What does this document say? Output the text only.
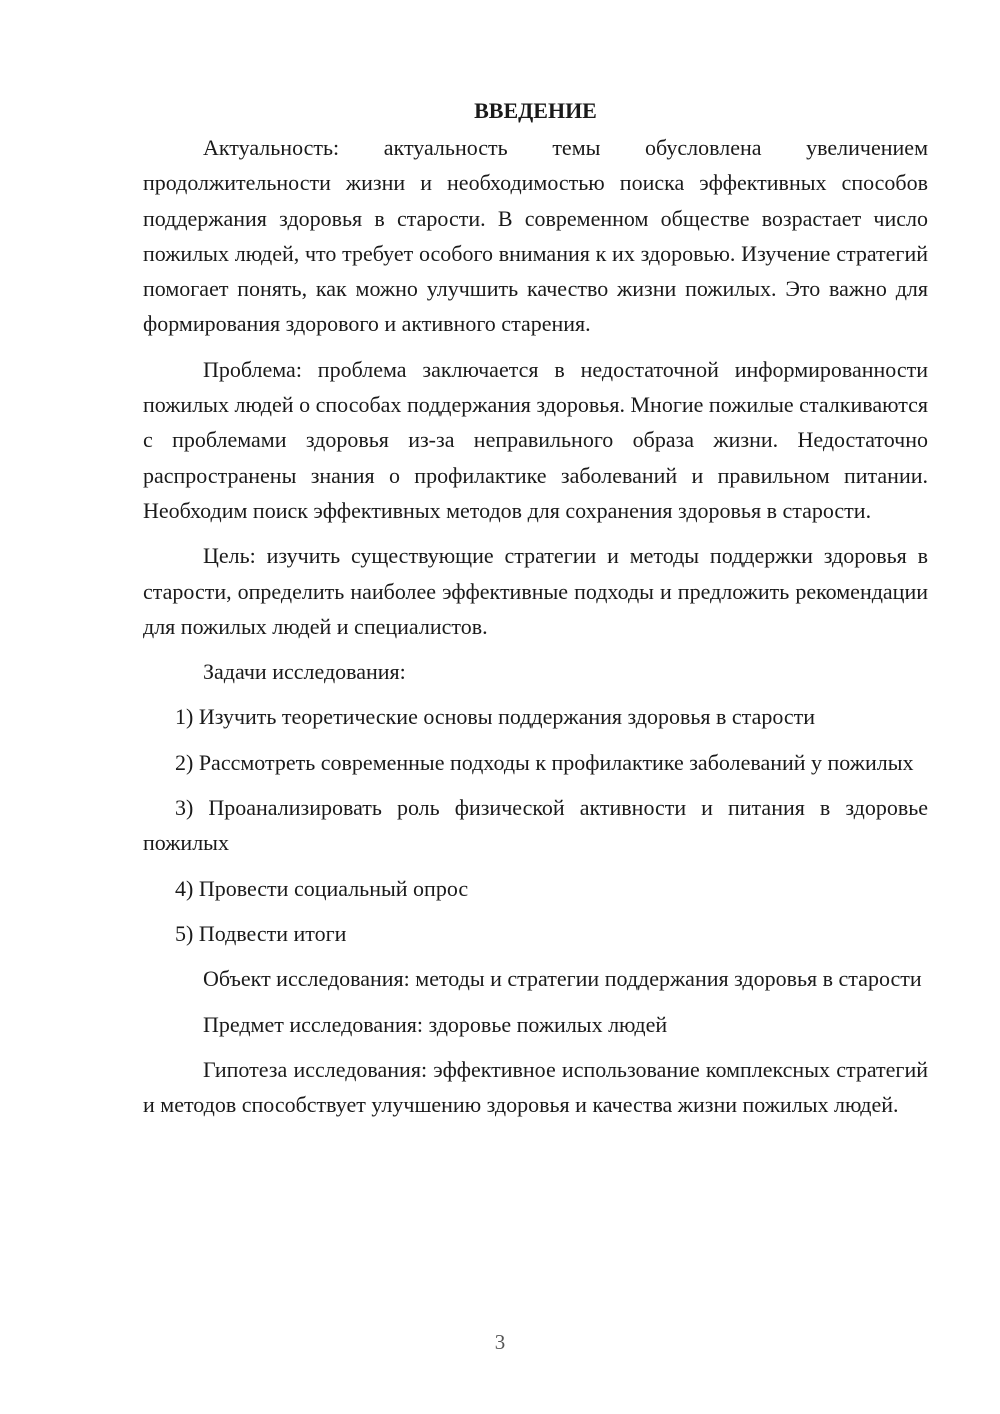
ВВЕДЕНИЕ

Актуальность: актуальность темы обусловлена увеличением продолжительности жизни и необходимостью поиска эффективных способов поддержания здоровья в старости. В современном обществе возрастает число пожилых людей, что требует особого внимания к их здоровью. Изучение стратегий помогает понять, как можно улучшить качество жизни пожилых. Это важно для формирования здорового и активного старения.

Проблема: проблема заключается в недостаточной информированности пожилых людей о способах поддержания здоровья. Многие пожилые сталкиваются с проблемами здоровья из-за неправильного образа жизни. Недостаточно распространены знания о профилактике заболеваний и правильном питании. Необходим поиск эффективных методов для сохранения здоровья в старости.

Цель: изучить существующие стратегии и методы поддержки здоровья в старости, определить наиболее эффективные подходы и предложить рекомендации для пожилых людей и специалистов.

Задачи исследования:

1) Изучить теоретические основы поддержания здоровья в старости

2) Рассмотреть современные подходы к профилактике заболеваний у пожилых

3) Проанализировать роль физической активности и питания в здоровье пожилых

4) Провести социальный опрос

5) Подвести итоги

Объект исследования: методы и стратегии поддержания здоровья в старости

Предмет исследования: здоровье пожилых людей

Гипотеза исследования: эффективное использование комплексных стратегий и методов способствует улучшению здоровья и качества жизни пожилых людей.

3
